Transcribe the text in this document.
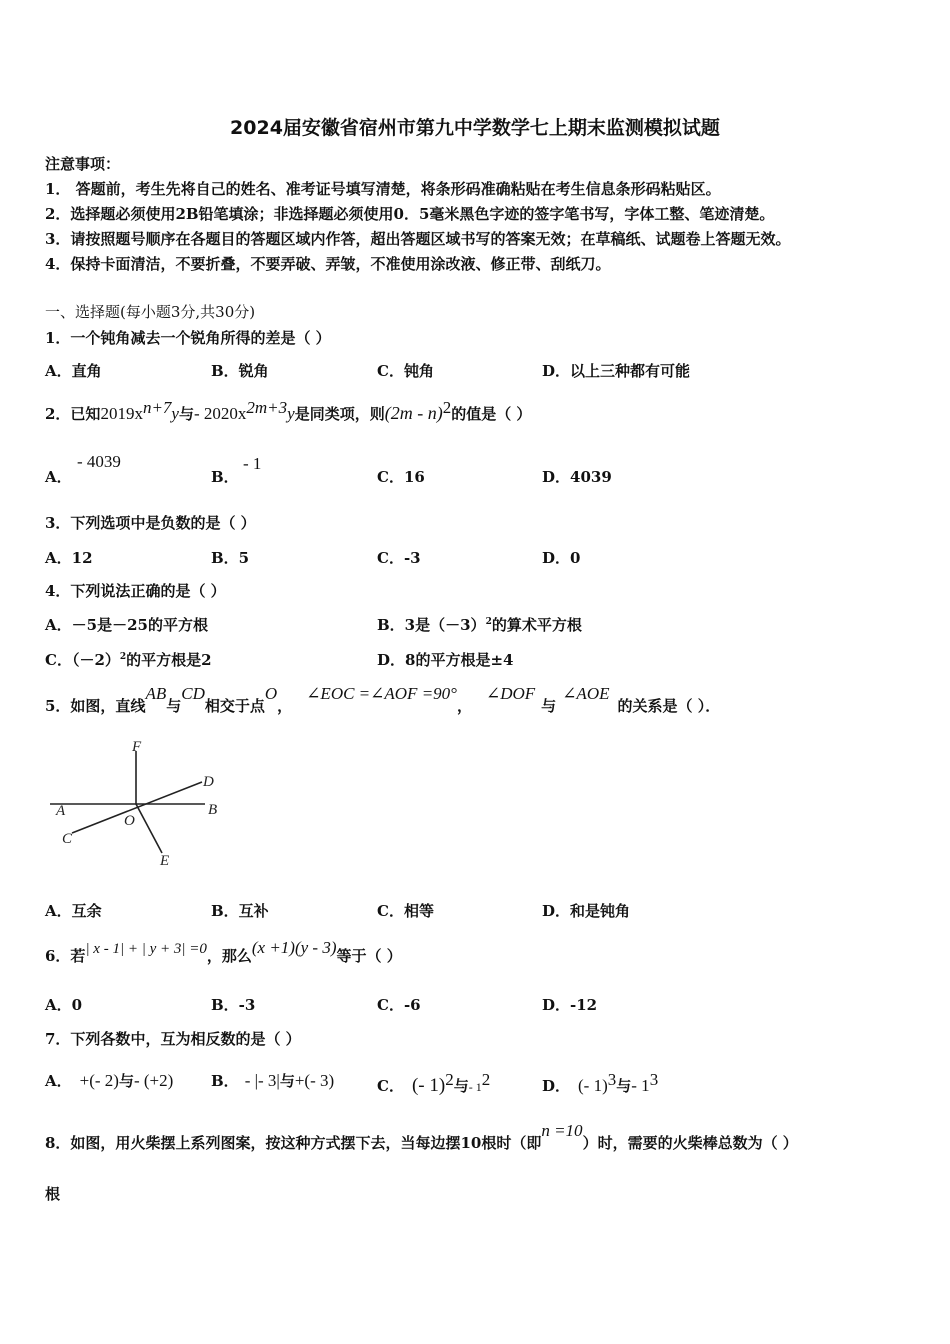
2024届安徽省宿州市第九中学数学七上期末监测模拟试题
注意事项：
1． 答题前，考生先将自己的姓名、准考证号填写清楚，将条形码准确粘贴在考生信息条形码粘贴区。
2．选择题必须使用2B铅笔填涂；非选择题必须使用0．5毫米黑色字迹的签字笔书写，字体工整、笔迹清楚。
3．请按照题号顺序在各题目的答题区域内作答，超出答题区域书写的答案无效；在草稿纸、试题卷上答题无效。
4．保持卡面清洁，不要折叠，不要弄破、弄皱，不准使用涂改液、修正带、刮纸刀。
一、选择题(每小题3分,共30分)
1．一个钝角减去一个锐角所得的差是（ ）
A．直角	B．锐角	C．钝角	D．以上三种都有可能
2．已知$2019x^{n+7}y$与- $2020x^{2m+3}y$是同类项，则(2m - n)$^2$的值是（ ）
A．
- 4039
B．
- 1
C．16	D．4039
3．下列选项中是负数的是（ ）
A．12	B．5	C．-3	D．0
4．下列说法正确的是（ ）
A．－5是－25的平方根	B．3是$(-3)^2$的算术平方根
C．$(-2)^2$的平方根是2	D．8的平方根是±4
5．如图，直线AB与CD相交于点O，∠EOC =∠AOF =90°，∠DOF与∠AOE的关系是（ ）．
F
D
A	B
O
C
E
A．互余	B．互补	C．相等	D．和是钝角
6．若| x - 1| + | y + 3| =0，那么(x +1)(y - 3)等于（ ）
A．0	B．-3	C．-6	D．-12
7．下列各数中，互为相反数的是（ ）
A． +(- 2)与- (+2)	B． - |- 3|与+(- 3)	C． (- 1)$^2$与- $1^2$	D． (- 1)$^3$与- $1^3$
8．如图，用火柴摆上系列图案，按这种方式摆下去，当每边摆10根时（即n =10）时，需要的火柴棒总数为（ ）
根
